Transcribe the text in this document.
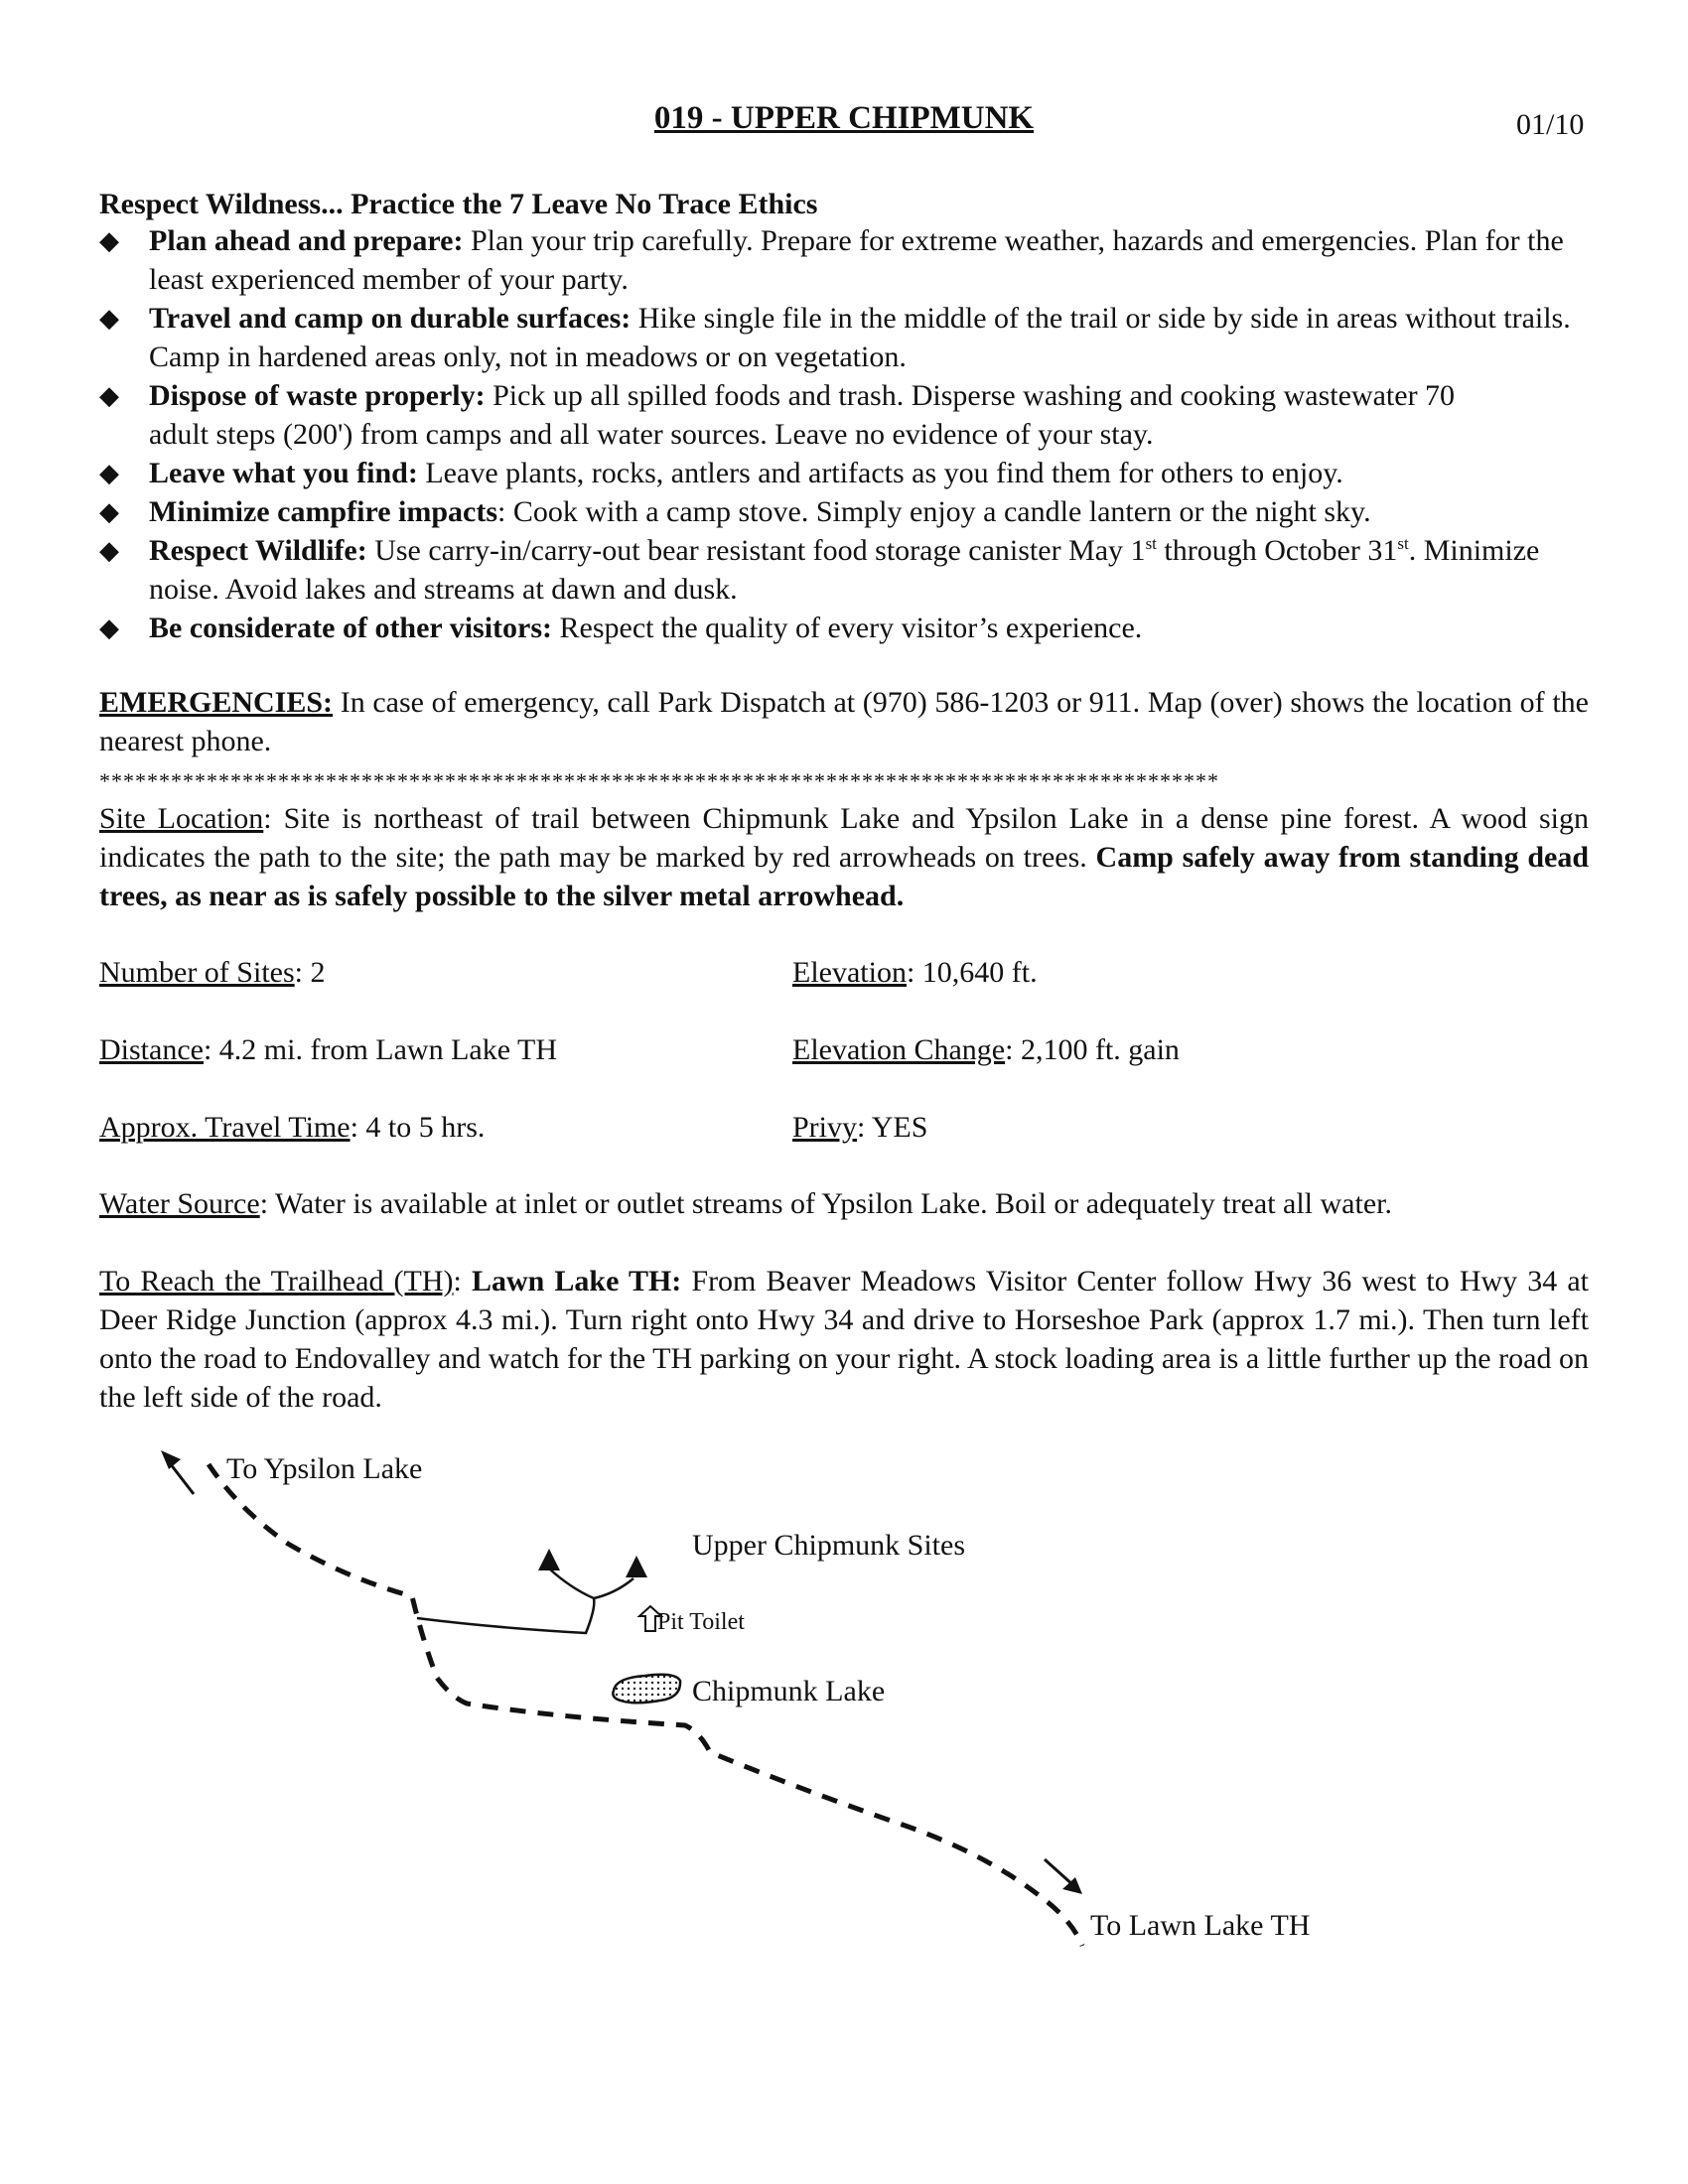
019 - UPPER CHIPMUNK	01/10
Respect Wildness... Practice the 7 Leave No Trace Ethics
◆ Plan ahead and prepare: Plan your trip carefully. Prepare for extreme weather, hazards and emergencies. Plan for the least experienced member of your party.
◆ Travel and camp on durable surfaces: Hike single file in the middle of the trail or side by side in areas without trails. Camp in hardened areas only, not in meadows or on vegetation.
◆ Dispose of waste properly: Pick up all spilled foods and trash. Disperse washing and cooking wastewater 70 adult steps (200') from camps and all water sources. Leave no evidence of your stay.
◆ Leave what you find: Leave plants, rocks, antlers and artifacts as you find them for others to enjoy.
◆ Minimize campfire impacts: Cook with a camp stove. Simply enjoy a candle lantern or the night sky.
◆ Respect Wildlife: Use carry-in/carry-out bear resistant food storage canister May 1st through October 31st. Minimize noise. Avoid lakes and streams at dawn and dusk.
◆ Be considerate of other visitors: Respect the quality of every visitor’s experience.
EMERGENCIES: In case of emergency, call Park Dispatch at (970) 586-1203 or 911. Map (over) shows the location of the nearest phone.
**********************************************************************************************
Site Location: Site is northeast of trail between Chipmunk Lake and Ypsilon Lake in a dense pine forest. A wood sign indicates the path to the site; the path may be marked by red arrowheads on trees. Camp safely away from standing dead trees, as near as is safely possible to the silver metal arrowhead.
Number of Sites: 2	Elevation: 10,640 ft.
Distance: 4.2 mi. from Lawn Lake TH	Elevation Change: 2,100 ft. gain
Approx. Travel Time: 4 to 5 hrs.	Privy: YES
Water Source: Water is available at inlet or outlet streams of Ypsilon Lake. Boil or adequately treat all water.
To Reach the Trailhead (TH): Lawn Lake TH: From Beaver Meadows Visitor Center follow Hwy 36 west to Hwy 34 at Deer Ridge Junction (approx 4.3 mi.). Turn right onto Hwy 34 and drive to Horseshoe Park (approx 1.7 mi.). Then turn left onto the road to Endovalley and watch for the TH parking on your right. A stock loading area is a little further up the road on the left side of the road.
To Ypsilon Lake
Upper Chipmunk Sites
Pit Toilet
Chipmunk Lake
To Lawn Lake TH
